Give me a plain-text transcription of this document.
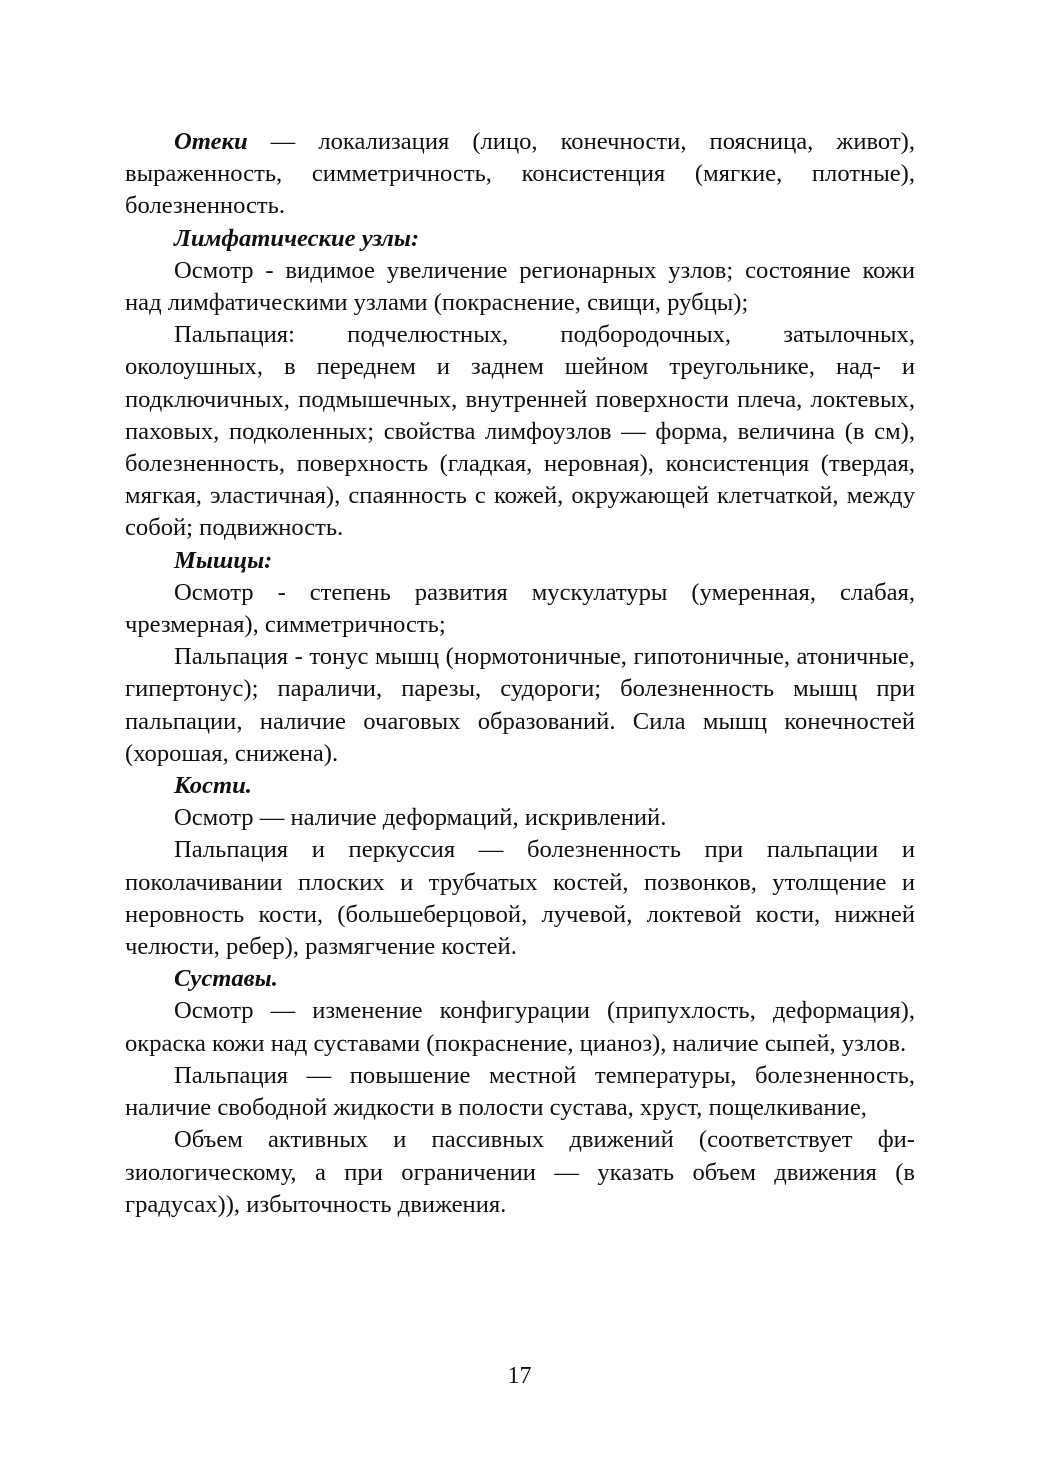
Отеки — локализация (лицо, конечности, поясница, живот), выраженность, симметричность, консистенция (мягкие, плотные), болезненность.

Лимфатические узлы:

Осмотр - видимое увеличение регионарных узлов; состояние кожи над лимфатическими узлами (покраснение, свищи, рубцы);

Пальпация: подчелюстных, подбородочных, затылочных, околоушных, в переднем и заднем шейном треугольнике, над- и подключичных, подмышечных, внутренней поверхности плеча, локтевых, паховых, подколенных; свойства лимфоузлов — форма, величина (в см), болезненность, поверхность (гладкая, неровная), консистенция (твердая, мягкая, эластичная), спаянность с кожей, окружающей клетчаткой, между собой; подвижность.

Мышцы:

Осмотр - степень развития мускулатуры (умеренная, слабая, чрезмерная), симметричность;

Пальпация - тонус мышц (нормотоничные, гипотоничные, атоничные, гипертонус); параличи, парезы, судороги; болезненность мышц при пальпации, наличие очаговых образований. Сила мышц конечностей (хорошая, снижена).

Кости.

Осмотр — наличие деформаций, искривлений.

Пальпация и перкуссия — болезненность при пальпации и поколачивании плоских и трубчатых костей, позвонков, утолщение и неровность кости, (большеберцовой, лучевой, локтевой кости, нижней челюсти, ребер), размягчение костей.

Суставы.

Осмотр — изменение конфигурации (припухлость, деформация), окраска кожи над суставами (покраснение, цианоз), наличие сыпей, узлов.

Пальпация — повышение местной температуры, болезненность, наличие свободной жидкости в полости сустава, хруст, пощелкивание,

Объем активных и пассивных движений (соответствует физиологическому, а при ограничении — указать объем движения (в градусах)), избыточность движения.

17
